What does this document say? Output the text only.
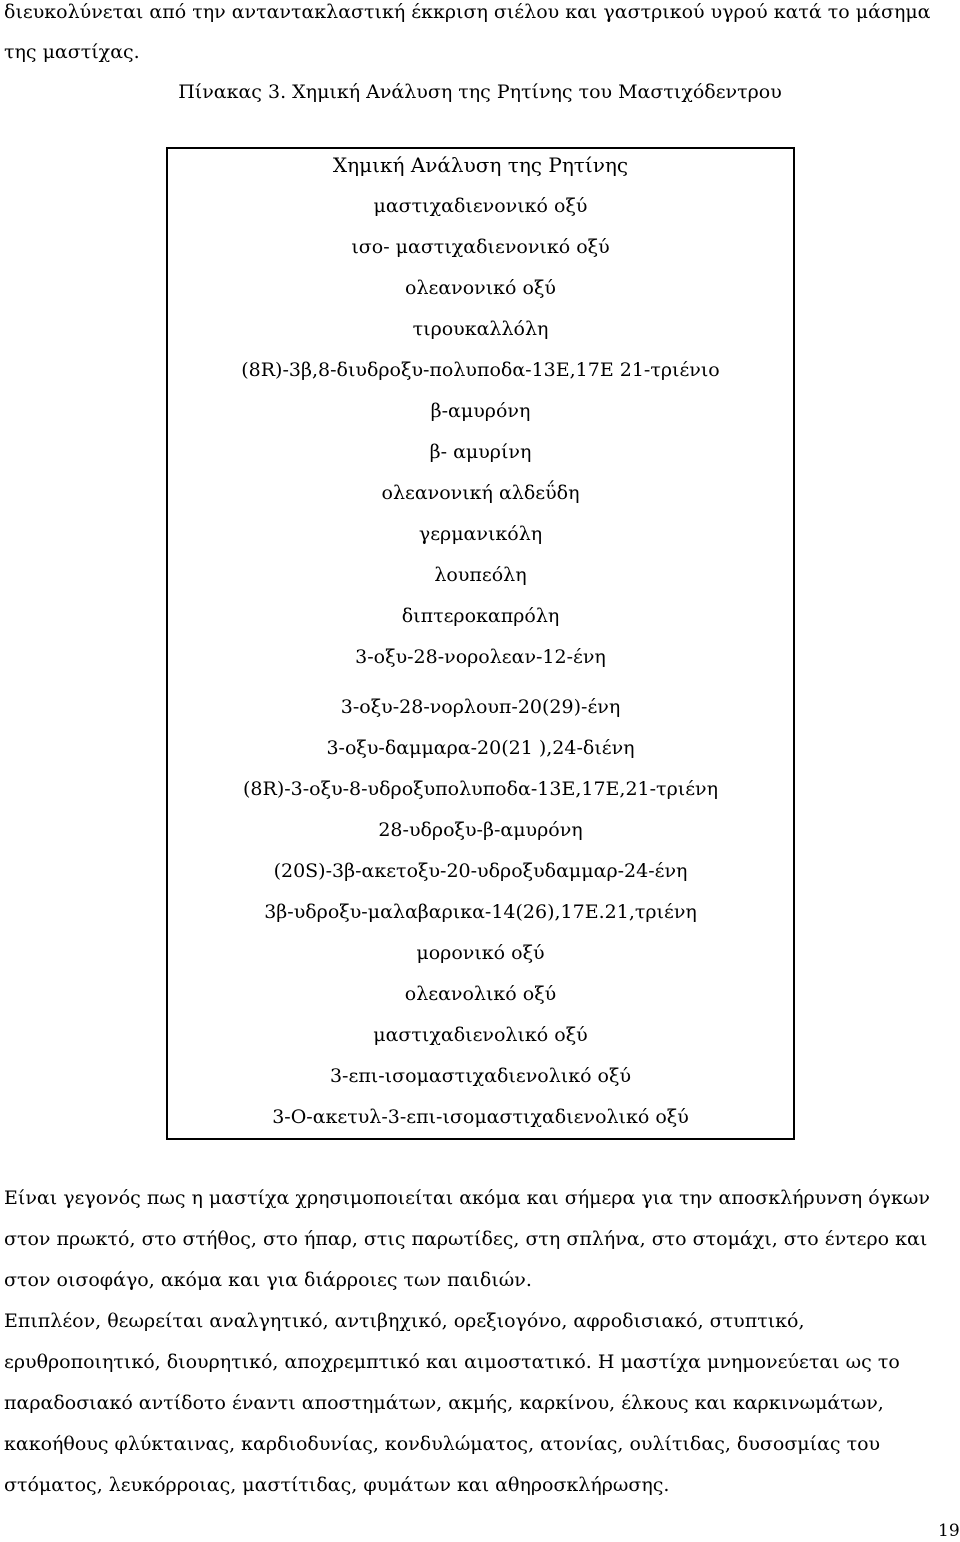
διευκολύνεται από την ανταντακλαστική έκκριση σιέλου και γαστρικού υγρού κατά το μάσημα
της μαστίχας.
Πίνακας 3. Χημική Ανάλυση της Ρητίνης του Μαστιχόδεντρου
Χημική Ανάλυση της Ρητίνης
μαστιχαδιενονικό οξύ
ισο- μαστιχαδιενονικό οξύ
ολεανονικό οξύ
τιρουκαλλόλη
(8R)-3β,8-διυδροξυ-πολυποδα-13Ε,17Ε 21-τριένιο
β-αμυρόνη
β- αμυρίνη
ολεανονική αλδεΰδη
γερμανικόλη
λουπεόλη
διπτεροκαπρόλη
3-οξυ-28-νορολεαν-12-ένη
3-οξυ-28-νορλουπ-20(29)-ένη
3-οξυ-δαμμαρα-20(21 ),24-διένη
(8R)-3-οξυ-8-υδροξυπολυποδα-13Ε,17Ε,21-τριένη
28-υδροξυ-β-αμυρόνη
(20S)-3β-ακετοξυ-20-υδροξυδαμμαρ-24-ένη
3β-υδροξυ-μαλαβαρικα-14(26),17Ε.21,τριένη
μορονικό οξύ
ολεανολικό οξύ
μαστιχαδιενολικό οξύ
3-επι-ισομαστιχαδιενολικό οξύ
3-Ο-ακετυλ-3-επι-ισομαστιχαδιενολικό οξύ
Είναι γεγονός πως η μαστίχα χρησιμοποιείται ακόμα και σήμερα για την αποσκλήρυνση όγκων
στον πρωκτό, στο στήθος, στο ήπαρ, στις παρωτίδες, στη σπλήνα, στο στομάχι, στο έντερο και
στον οισοφάγο, ακόμα και για διάρροιες των παιδιών.
Επιπλέον, θεωρείται αναλγητικό, αντιβηχικό, ορεξιογόνο, αφροδισιακό, στυπτικό,
ερυθροποιητικό, διουρητικό, αποχρεμπτικό και αιμοστατικό. Η μαστίχα μνημονεύεται ως το
παραδοσιακό αντίδοτο έναντι αποστημάτων, ακμής, καρκίνου, έλκους και καρκινωμάτων,
κακοήθους φλύκταινας, καρδιοδυνίας, κονδυλώματος, ατονίας, ουλίτιδας, δυσοσμίας του
στόματος, λευκόρροιας, μαστίτιδας, φυμάτων και αθηροσκλήρωσης.
19
